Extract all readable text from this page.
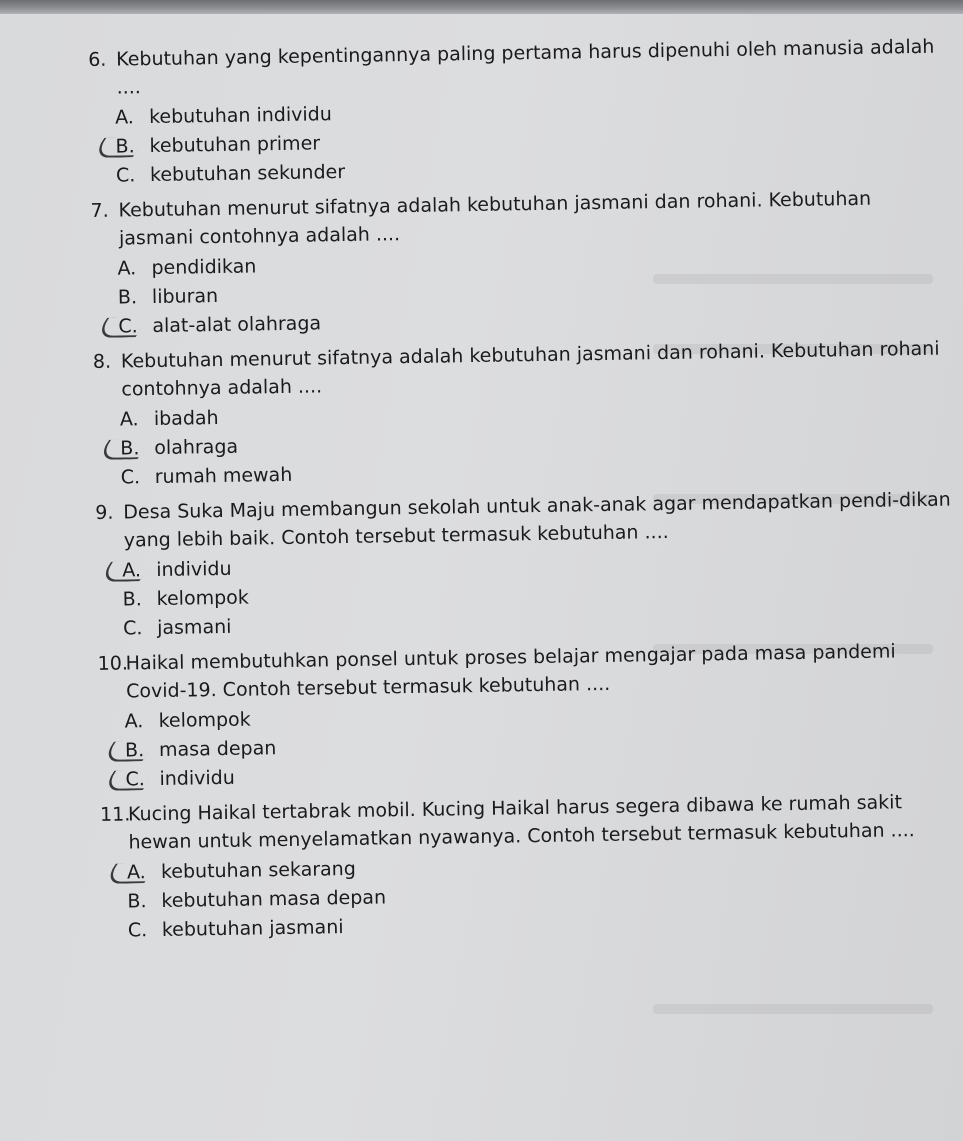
6. Kebutuhan yang kepentingannya paling pertama harus dipenuhi oleh manusia adalah ....
A. kebutuhan individu
B. kebutuhan primer
C. kebutuhan sekunder
7. Kebutuhan menurut sifatnya adalah kebutuhan jasmani dan rohani. Kebutuhan jasmani contohnya adalah ....
A. pendidikan
B. liburan
C. alat-alat olahraga
8. Kebutuhan menurut sifatnya adalah kebutuhan jasmani dan rohani. Kebutuhan rohani contohnya adalah ....
A. ibadah
B. olahraga
C. rumah mewah
9. Desa Suka Maju membangun sekolah untuk anak-anak agar mendapatkan pendi-dikan yang lebih baik. Contoh tersebut termasuk kebutuhan ....
A. individu
B. kelompok
C. jasmani
10.
Haikal membutuhkan ponsel untuk proses belajar mengajar pada masa pandemi Covid-19. Contoh tersebut termasuk kebutuhan ....
A. kelompok
B. masa depan
C. individu
11.
Kucing Haikal tertabrak mobil. Kucing Haikal harus segera dibawa ke rumah sakit hewan untuk menyelamatkan nyawanya. Contoh tersebut termasuk kebutuhan ....
A. kebutuhan sekarang
B. kebutuhan masa depan
C. kebutuhan jasmani
